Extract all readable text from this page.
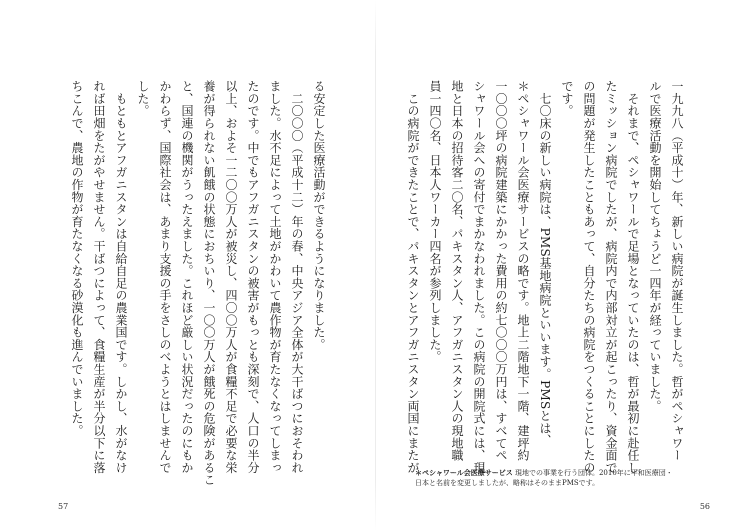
る安定した医療活動ができるようになりました。

　二〇〇〇（平成十二）年の春、中央アジア全体が大干ばつにおそわれ

ました。水不足によって土地がかわいて農作物が育たなくなってしまっ

たのです。中でもアフガニスタンの被害がもっとも深刻で、人口の半分

以上、およそ一二〇〇万人が被災し、四〇〇万人が食糧不足で必要な栄

養が得られない飢餓の状態におちいり、一〇〇万人が餓死の危険があるこ

と、国連の機関がうったえました。これほど厳しい状況だったのにもか

かわらず、国際社会は、あまり支援の手をさしのべようとはしませんで

した。

　もともとアフガニスタンは自給自足の農業国です。しかし、水がなけ

れば田畑をたがやせません。干ばつによって、食糧生産が半分以下に落

ちこんで、農地の作物が育たなくなる砂漠化も進んでいました。

57

一九九八（平成十）年、新しい病院が誕生しました。哲がペシャワー

ルで医療活動を開始してちょうど一四年が経っていました。

　それまで、ペシャワールで足場となっていたのは、哲が最初に赴任し

たミッション病院でしたが、病院内で内部対立が起こったり、資金面で

の問題が発生したこともあって、自分たちの病院をつくることにしたの

です。

　七〇床の新しい病院は、PMS基地病院といいます。PMSとは、

＊ペシャワール会医療サービスの略です。地上二階地下一階、建坪約

一〇〇〇坪の病院建築にかかった費用の約七〇〇〇万円は、すべてペ

シャワール会への寄付でまかなわれました。この病院の開院式には、現

地と日本の招待客二〇名、パキスタン人、アフガニスタン人の現地職

員一四〇名、日本人ワーカー四名が参列しました。

　この病院ができたことで、パキスタンとアフガニスタン両国にまたが

＊ペシャワール会医療サービス 現地での事業を行う団体。2010年に平和医療団・
日本と名前を変更しましたが、略称はそのままPMSです。
56
